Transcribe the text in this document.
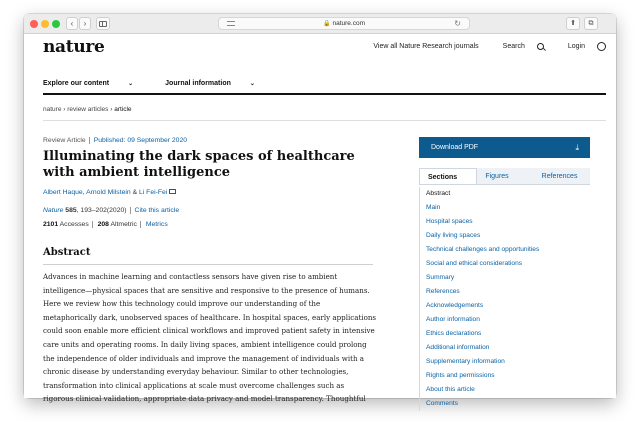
‹	›	🔒 nature.com	↻	⬆	⧉
nature	View all Nature Research journals	Search	Login
Explore our content	⌄	Journal information	⌄
nature › review articles › article
Review Article Published: 09 September 2020
Illuminating the dark spaces of healthcare with ambient intelligence
Albert Haque, Arnold Milstein & Li Fei-Fei
Nature 585, 193–202(2020) Cite this article
2101 Accesses 208 Altmetric Metrics
Abstract
Advances in machine learning and contactless sensors have given rise to ambient
intelligence—physical spaces that are sensitive and responsive to the presence of humans.
Here we review how this technology could improve our understanding of the
metaphorically dark, unobserved spaces of healthcare. In hospital spaces, early applications
could soon enable more efficient clinical workflows and improved patient safety in intensive
care units and operating rooms. In daily living spaces, ambient intelligence could prolong
the independence of older individuals and improve the management of individuals with a
chronic disease by understanding everyday behaviour. Similar to other technologies,
transformation into clinical applications at scale must overcome challenges such as
rigorous clinical validation, appropriate data privacy and model transparency. Thoughtful
Download PDF	⤓
Sections	Figures	References
Abstract
Main
Hospital spaces
Daily living spaces
Technical challenges and opportunities
Social and ethical considerations
Summary
References
Acknowledgements
Author information
Ethics declarations
Additional information
Supplementary information
Rights and permissions
About this article
Comments
